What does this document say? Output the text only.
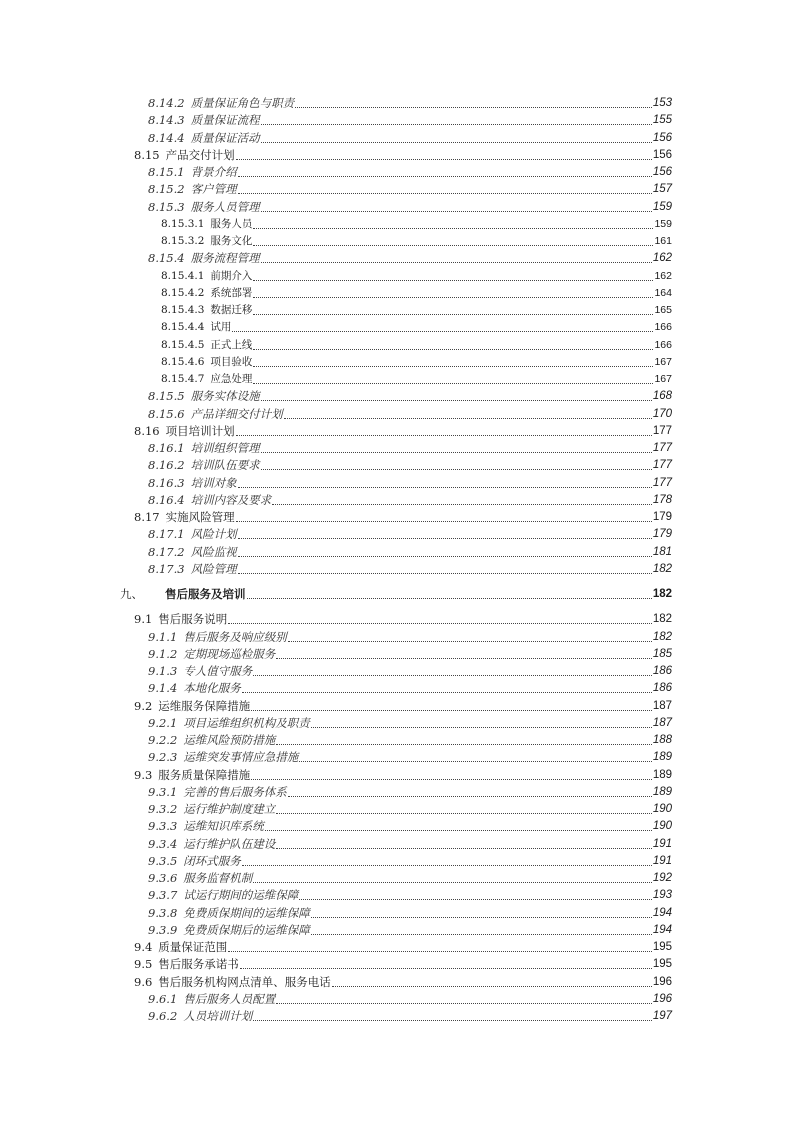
8.14.2 质量保证角色与职责	153
8.14.3 质量保证流程	155
8.14.4 质量保证活动	156
8.15 产品交付计划	156
8.15.1 背景介绍	156
8.15.2 客户管理	157
8.15.3 服务人员管理	159
8.15.3.1 服务人员	159
8.15.3.2 服务文化	161
8.15.4 服务流程管理	162
8.15.4.1 前期介入	162
8.15.4.2 系统部署	164
8.15.4.3 数据迁移	165
8.15.4.4 试用	166
8.15.4.5 正式上线	166
8.15.4.6 项目验收	167
8.15.4.7 应急处理	167
8.15.5 服务实体设施	168
8.15.6 产品详细交付计划	170
8.16 项目培训计划	177
8.16.1 培训组织管理	177
8.16.2 培训队伍要求	177
8.16.3 培训对象	177
8.16.4 培训内容及要求	178
8.17 实施风险管理	179
8.17.1 风险计划	179
8.17.2 风险监视	181
8.17.3 风险管理	182
九、 售后服务及培训	182
9.1 售后服务说明	182
9.1.1 售后服务及响应级别	182
9.1.2 定期现场巡检服务	185
9.1.3 专人值守服务	186
9.1.4 本地化服务	186
9.2 运维服务保障措施	187
9.2.1 项目运维组织机构及职责	187
9.2.2 运维风险预防措施	188
9.2.3 运维突发事情应急措施	189
9.3 服务质量保障措施	189
9.3.1 完善的售后服务体系	189
9.3.2 运行维护制度建立	190
9.3.3 运维知识库系统	190
9.3.4 运行维护队伍建设	191
9.3.5 闭环式服务	191
9.3.6 服务监督机制	192
9.3.7 试运行期间的运维保障	193
9.3.8 免费质保期间的运维保障	194
9.3.9 免费质保期后的运维保障	194
9.4 质量保证范围	195
9.5 售后服务承诺书	195
9.6 售后服务机构网点清单、服务电话	196
9.6.1 售后服务人员配置	196
9.6.2 人员培训计划	197
